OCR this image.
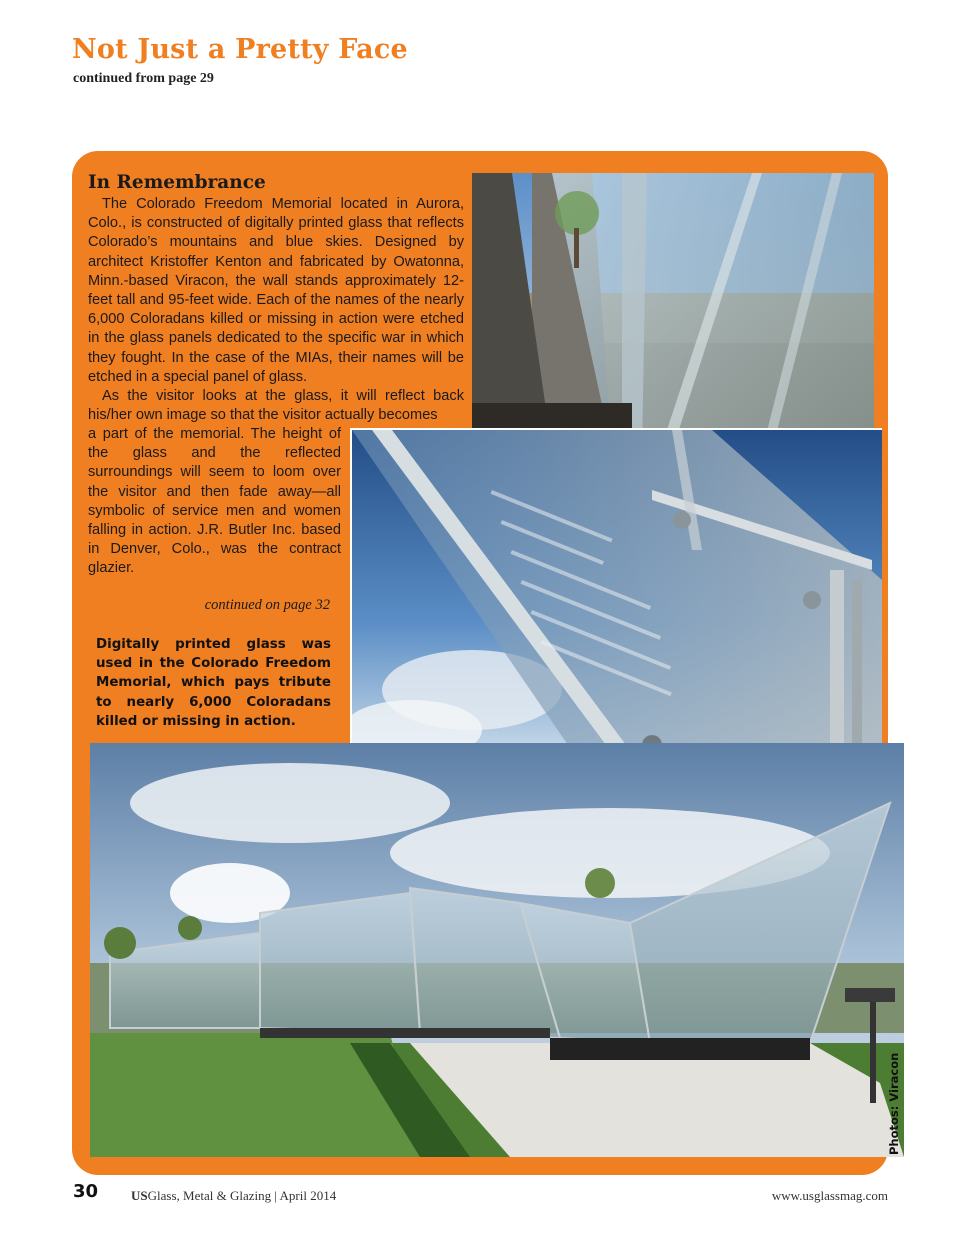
Not Just a Pretty Face
continued from page 29
In Remembrance

The Colorado Freedom Memorial located in Aurora, Colo., is constructed of digitally printed glass that reflects Colorado’s mountains and blue skies. Designed by architect Kristoffer Kenton and fabricated by Owatonna, Minn.-based Viracon, the wall stands approximately 12-feet tall and 95-feet wide. Each of the names of the nearly 6,000 Coloradans killed or missing in action were etched in the glass panels dedicated to the specific war in which they fought. In the case of the MIAs, their names will be etched in a special panel of glass.

As the visitor looks at the glass, it will reflect back his/her own image so that the visitor actually becomes

a part of the memorial. The height of the glass and the reflected surroundings will seem to loom over the visitor and then fade away—all symbolic of service men and women falling in action. J.R. Butler Inc. based in Denver, Colo., was the contract glazier.

continued on page 32

Digitally printed glass was used in the Colorado Freedom Memorial, which pays tribute to nearly 6,000 Coloradans killed or missing in action.

Photos: Viracon
30	USGlass, Metal & Glazing | April 2014	www.usglassmag.com
